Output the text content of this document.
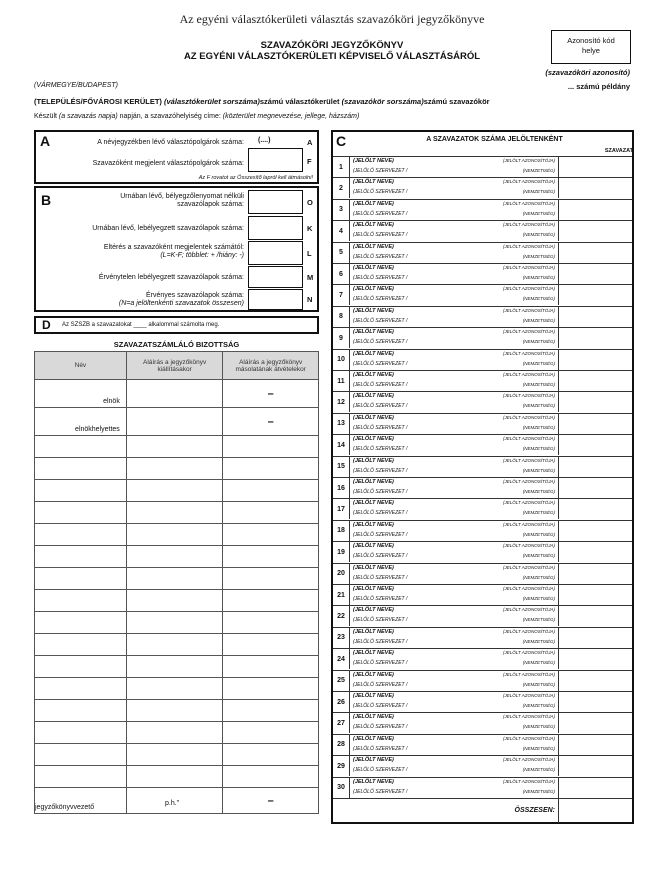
Az egyéni választókerületi választás szavazóköri jegyzőkönyve
Azonosító kód
helye
SZAVAZÓKÖRI JEGYZŐKÖNYV
AZ EGYÉNI VÁLASZTÓKERÜLETI KÉPVISELŐ VÁLASZTÁSÁRÓL
(szavazóköri azonosító)
(VÁRMEGYE/BUDAPEST)	... számú példány
(TELEPÜLÉS/FŐVÁROSI KERÜLET) (választókerület sorszáma)számú választókerület (szavazókör sorszáma)számú szavazókör
Készült (a szavazás napja) napján, a szavazóhelyiség címe: (közterület megnevezése, jellege, házszám)
A	A névjegyzékben lévő választópolgárok száma: (....)	A
Szavazóként megjelent választópolgárok száma:	F
Az F rovatot az Összesítő lapról kell átmásolni!
B	Urnában lévő, bélyegzőlenyomat nélküli
szavazólapok száma:	O
Urnában lévő, lebélyegzett szavazólapok száma:	K
Eltérés a szavazóként megjelentek számától:
(L=K-F; többlet: + /hiány: -)	L
Érvénytelen lebélyegzett szavazólapok száma:	M
Érvényes szavazólapok száma:
(N=a jelöltenkénti szavazatok összesen)	N
D Az SZSZB a szavazatokat ____ alkalommal számolta meg.
SZAVAZATSZÁMLÁLÓ BIZOTTSÁG
Név	Aláírás a jegyzőkönyv kiállításakor	Aláírás a jegyzőkönyv másolatának átvételekor
elnök		–
elnökhelyettes		–

jegyzőkönyvvezető		–
p.h."
C	A SZAVAZATOK SZÁMA JELÖLTENKÉNT
SZAVAZAT
1
(JELÖLT NEVE)
(JELÖLŐ SZERVEZET /
(JELÖLT AZONOSÍTÓJA)
(NEMZETISÉG)
2
(JELÖLT NEVE)
(JELÖLŐ SZERVEZET /
(JELÖLT AZONOSÍTÓJA)
(NEMZETISÉG)
3
(JELÖLT NEVE)
(JELÖLŐ SZERVEZET /
(JELÖLT AZONOSÍTÓJA)
(NEMZETISÉG)
4
(JELÖLT NEVE)
(JELÖLŐ SZERVEZET /
(JELÖLT AZONOSÍTÓJA)
(NEMZETISÉG)
5
(JELÖLT NEVE)
(JELÖLŐ SZERVEZET /
(JELÖLT AZONOSÍTÓJA)
(NEMZETISÉG)
6
(JELÖLT NEVE)
(JELÖLŐ SZERVEZET /
(JELÖLT AZONOSÍTÓJA)
(NEMZETISÉG)
7
(JELÖLT NEVE)
(JELÖLŐ SZERVEZET /
(JELÖLT AZONOSÍTÓJA)
(NEMZETISÉG)
8
(JELÖLT NEVE)
(JELÖLŐ SZERVEZET /
(JELÖLT AZONOSÍTÓJA)
(NEMZETISÉG)
9
(JELÖLT NEVE)
(JELÖLŐ SZERVEZET /
(JELÖLT AZONOSÍTÓJA)
(NEMZETISÉG)
10
(JELÖLT NEVE)
(JELÖLŐ SZERVEZET /
(JELÖLT AZONOSÍTÓJA)
(NEMZETISÉG)
11
(JELÖLT NEVE)
(JELÖLŐ SZERVEZET /
(JELÖLT AZONOSÍTÓJA)
(NEMZETISÉG)
12
(JELÖLT NEVE)
(JELÖLŐ SZERVEZET /
(JELÖLT AZONOSÍTÓJA)
(NEMZETISÉG)
13
(JELÖLT NEVE)
(JELÖLŐ SZERVEZET /
(JELÖLT AZONOSÍTÓJA)
(NEMZETISÉG)
14
(JELÖLT NEVE)
(JELÖLŐ SZERVEZET /
(JELÖLT AZONOSÍTÓJA)
(NEMZETISÉG)
15
(JELÖLT NEVE)
(JELÖLŐ SZERVEZET /
(JELÖLT AZONOSÍTÓJA)
(NEMZETISÉG)
16
(JELÖLT NEVE)
(JELÖLŐ SZERVEZET /
(JELÖLT AZONOSÍTÓJA)
(NEMZETISÉG)
17
(JELÖLT NEVE)
(JELÖLŐ SZERVEZET /
(JELÖLT AZONOSÍTÓJA)
(NEMZETISÉG)
18
(JELÖLT NEVE)
(JELÖLŐ SZERVEZET /
(JELÖLT AZONOSÍTÓJA)
(NEMZETISÉG)
19
(JELÖLT NEVE)
(JELÖLŐ SZERVEZET /
(JELÖLT AZONOSÍTÓJA)
(NEMZETISÉG)
20
(JELÖLT NEVE)
(JELÖLŐ SZERVEZET /
(JELÖLT AZONOSÍTÓJA)
(NEMZETISÉG)
21
(JELÖLT NEVE)
(JELÖLŐ SZERVEZET /
(JELÖLT AZONOSÍTÓJA)
(NEMZETISÉG)
22
(JELÖLT NEVE)
(JELÖLŐ SZERVEZET /
(JELÖLT AZONOSÍTÓJA)
(NEMZETISÉG)
23
(JELÖLT NEVE)
(JELÖLŐ SZERVEZET /
(JELÖLT AZONOSÍTÓJA)
(NEMZETISÉG)
24
(JELÖLT NEVE)
(JELÖLŐ SZERVEZET /
(JELÖLT AZONOSÍTÓJA)
(NEMZETISÉG)
25
(JELÖLT NEVE)
(JELÖLŐ SZERVEZET /
(JELÖLT AZONOSÍTÓJA)
(NEMZETISÉG)
26
(JELÖLT NEVE)
(JELÖLŐ SZERVEZET /
(JELÖLT AZONOSÍTÓJA)
(NEMZETISÉG)
27
(JELÖLT NEVE)
(JELÖLŐ SZERVEZET /
(JELÖLT AZONOSÍTÓJA)
(NEMZETISÉG)
28
(JELÖLT NEVE)
(JELÖLŐ SZERVEZET /
(JELÖLT AZONOSÍTÓJA)
(NEMZETISÉG)
29
(JELÖLT NEVE)
(JELÖLŐ SZERVEZET /
(JELÖLT AZONOSÍTÓJA)
(NEMZETISÉG)
30
(JELÖLT NEVE)
(JELÖLŐ SZERVEZET /
(JELÖLT AZONOSÍTÓJA)
(NEMZETISÉG)
ÖSSZESEN:
